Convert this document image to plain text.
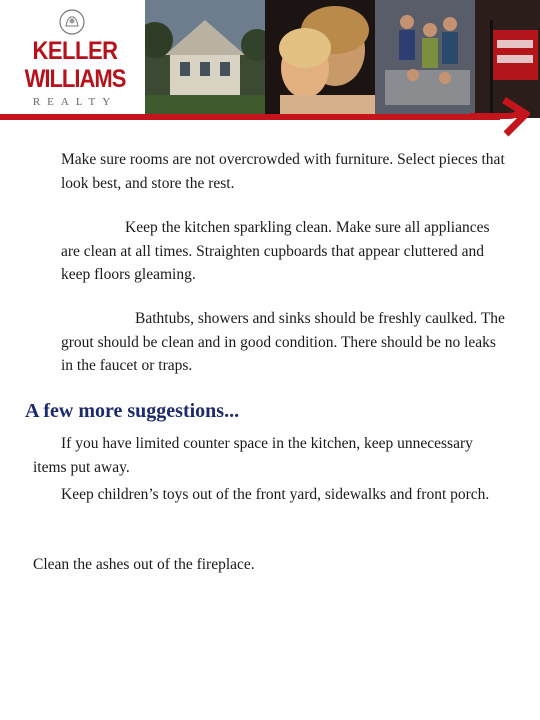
KELLER
WILLIAMS
REALTY

Make sure rooms are not overcrowded with furniture. Select pieces that look best, and store the rest.

Keep the kitchen sparkling clean. Make sure all appliances are clean at all times. Straighten cupboards that appear cluttered and keep floors gleaming.

Bathtubs, showers and sinks should be freshly caulked. The grout should be clean and in good condition. There should be no leaks in the faucet or traps.

A few more suggestions...

If you have limited counter space in the kitchen, keep unnecessary items put away.

Keep children’s toys out of the front yard, sidewalks and front porch.

Clean the ashes out of the fireplace.
